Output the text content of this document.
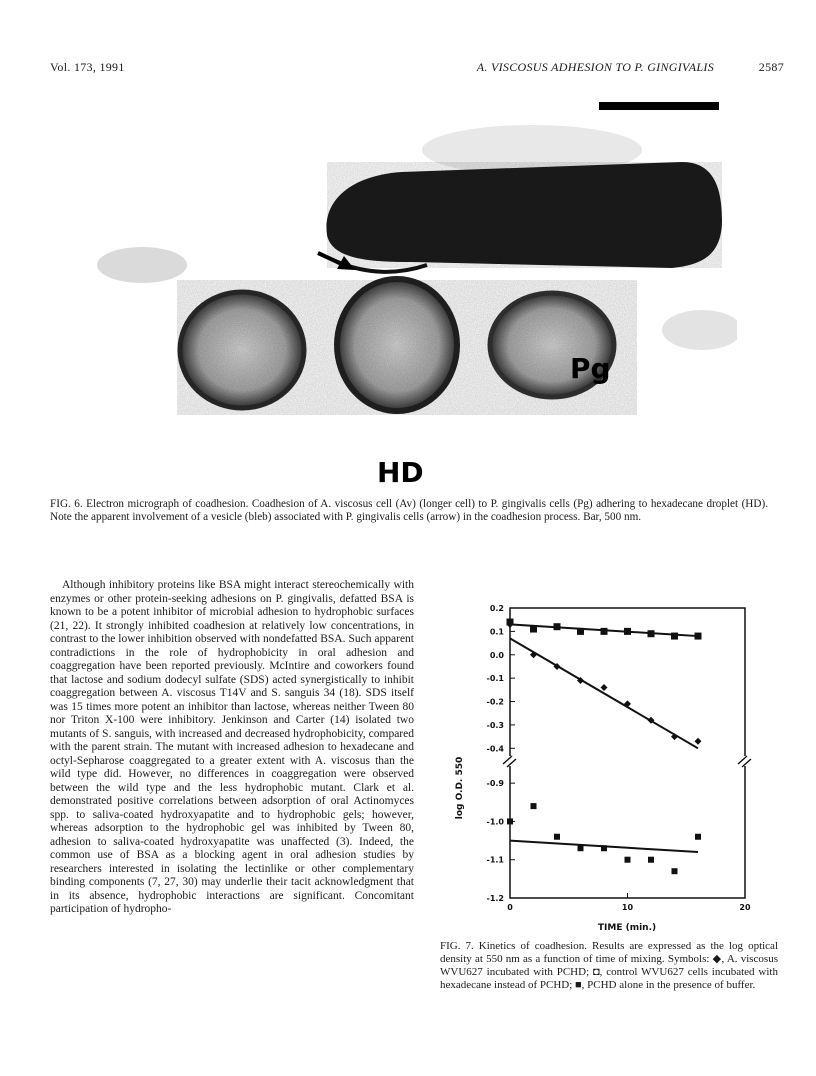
Vol. 173, 1991	A. VISCOSUS ADHESION TO P. GINGIVALIS	2587
Pg
HD
FIG. 6. Electron micrograph of coadhesion. Coadhesion of A. viscosus cell (Av) (longer cell) to P. gingivalis cells (Pg) adhering to hexadecane droplet (HD). Note the apparent involvement of a vesicle (bleb) associated with P. gingivalis cells (arrow) in the coadhesion process. Bar, 500 nm.

Although inhibitory proteins like BSA might interact stereochemically with enzymes or other protein-seeking adhesions on P. gingivalis, defatted BSA is known to be a potent inhibitor of microbial adhesion to hydrophobic surfaces (21, 22). It strongly inhibited coadhesion at relatively low concentrations, in contrast to the lower inhibition observed with nondefatted BSA. Such apparent contradictions in the role of hydrophobicity in oral adhesion and coaggregation have been reported previously. McIntire and coworkers found that lactose and sodium dodecyl sulfate (SDS) acted synergistically to inhibit coaggregation between A. viscosus T14V and S. sanguis 34 (18). SDS itself was 15 times more potent an inhibitor than lactose, whereas neither Tween 80 nor Triton X-100 were inhibitory. Jenkinson and Carter (14) isolated two mutants of S. sanguis, with increased and decreased hydrophobicity, compared with the parent strain. The mutant with increased adhesion to hexadecane and octyl-Sepharose coaggregated to a greater extent with A. viscosus than the wild type did. However, no differences in coaggregation were observed between the wild type and the less hydrophobic mutant. Clark et al. demonstrated positive correlations between adsorption of oral Actinomyces spp. to saliva-coated hydroxyapatite and to hydrophobic gels; however, whereas adsorption to the hydrophobic gel was inhibited by Tween 80, adhesion to saliva-coated hydroxyapatite was unaffected (3). Indeed, the common use of BSA as a blocking agent in oral adhesion studies by researchers interested in isolating the lectinlike or other complementary binding components (7, 27, 30) may underlie their tacit acknowledgment that in its absence, hydrophobic interactions are significant. Concomitant participation of hydropho-

log O.D. 550
TIME (min.)
0.2
0.1
0.0
-0.1
-0.2
-0.3
-0.4
-0.9
-1.0
-1.1
-1.2
0	10	20
FIG. 7. Kinetics of coadhesion. Results are expressed as the log optical density at 550 nm as a function of time of mixing. Symbols: ◆, A. viscosus WVU627 incubated with PCHD; ◘, control WVU627 cells incubated with hexadecane instead of PCHD; ■, PCHD alone in the presence of buffer.
